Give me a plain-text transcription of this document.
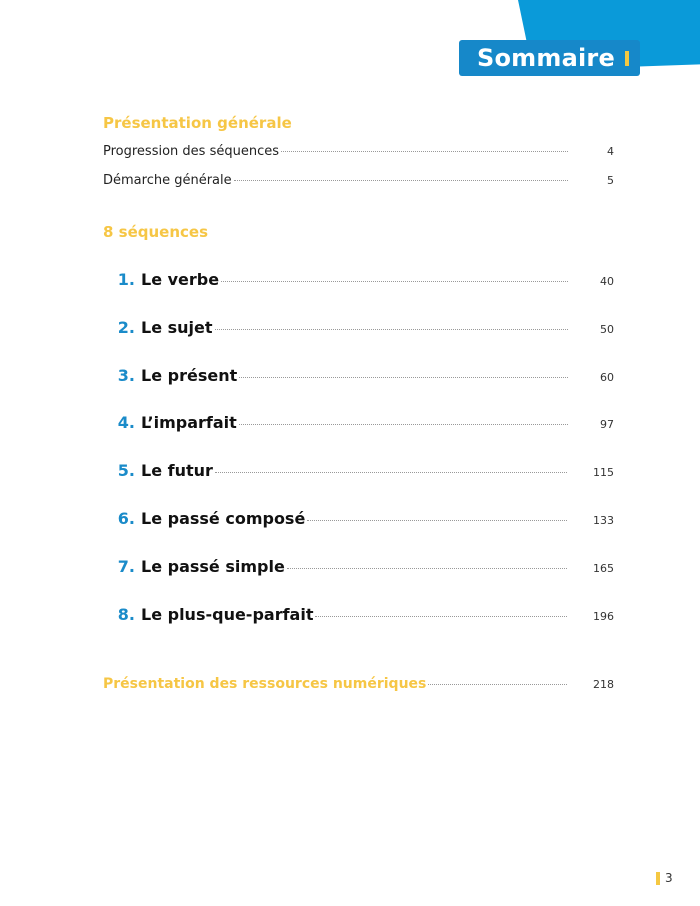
Sommaire
Présentation générale
Progression des séquences	4
Démarche générale	5
8 séquences
1. Le verbe	40
2. Le sujet	50
3. Le présent	60
4. L’imparfait	97
5. Le futur	115
6. Le passé composé	133
7. Le passé simple	165
8. Le plus-que-parfait	196
Présentation des ressources numériques	218
3
